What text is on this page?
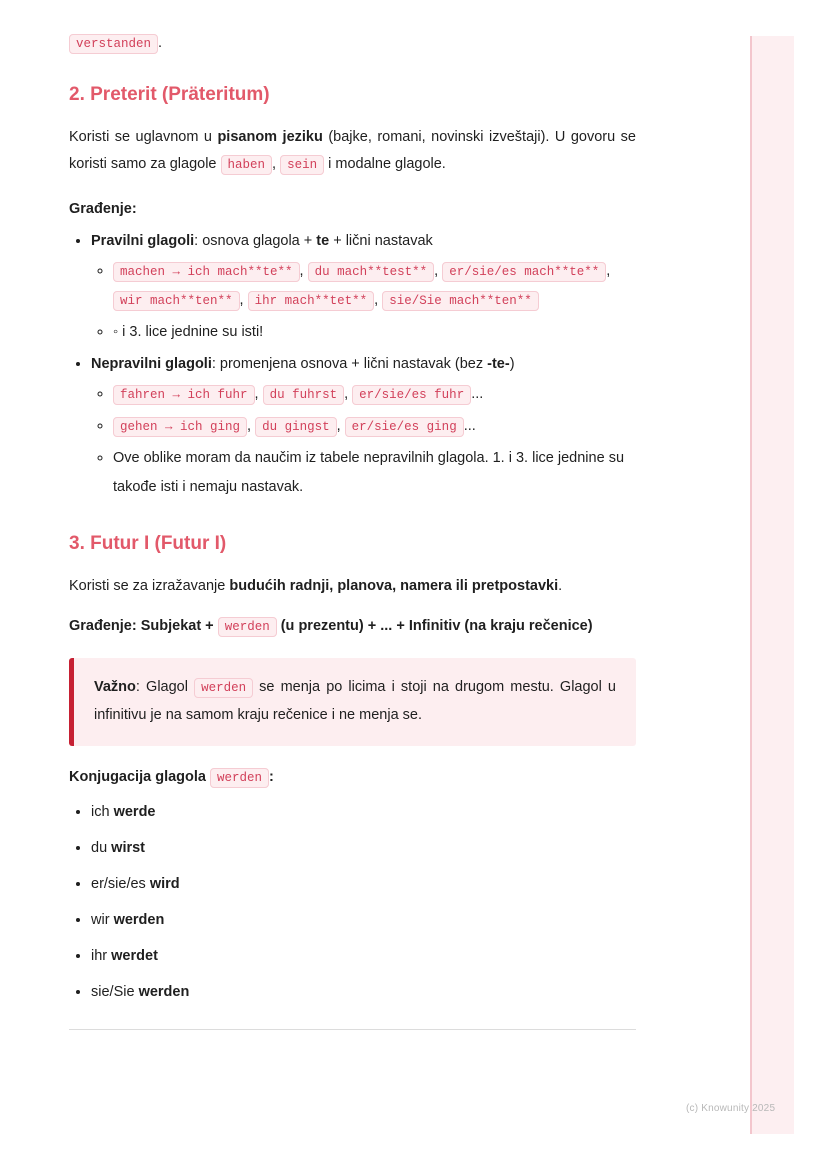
verstanden .

2. Preterit (Präteritum)

Koristi se uglavnom u pisanom jeziku (bajke, romani, novinski izveštaji). U govoru se koristi samo za glagole haben , sein i modalne glagole.

Građenje:

• Pravilni glagoli: osnova glagola + te + lični nastavak
◦ machen → ich mach**te** , du mach**test** , er/sie/es mach**te** , wir mach**ten** , ihr mach**tet** , sie/Sie mach**ten**
◦ ◦ i 3. lice jednine su isti!
• Nepravilni glagoli: promenjena osnova + lični nastavak (bez -te-)
◦ fahren → ich fuhr , du fuhrst , er/sie/es fuhr ...
◦ gehen → ich ging , du gingst , er/sie/es ging ...
◦ Ove oblike moram da naučim iz tabele nepravilnih glagola. 1. i 3. lice jednine su takođe isti i nemaju nastavak.
3. Futur I (Futur I)

Koristi se za izražavanje budućih radnji, planova, namera ili pretpostavki.

Građenje: Subjekat + werden (u prezentu) + ... + Infinitiv (na kraju rečenice)

Važno: Glagol werden se menja po licima i stoji na drugom mestu. Glagol u infinitivu je na samom kraju rečenice i ne menja se.

Konjugacija glagola werden :

• ich werde
• du wirst
• er/sie/es wird
• wir werden
• ihr werdet
• sie/Sie werden
(c) Knowunity 2025
